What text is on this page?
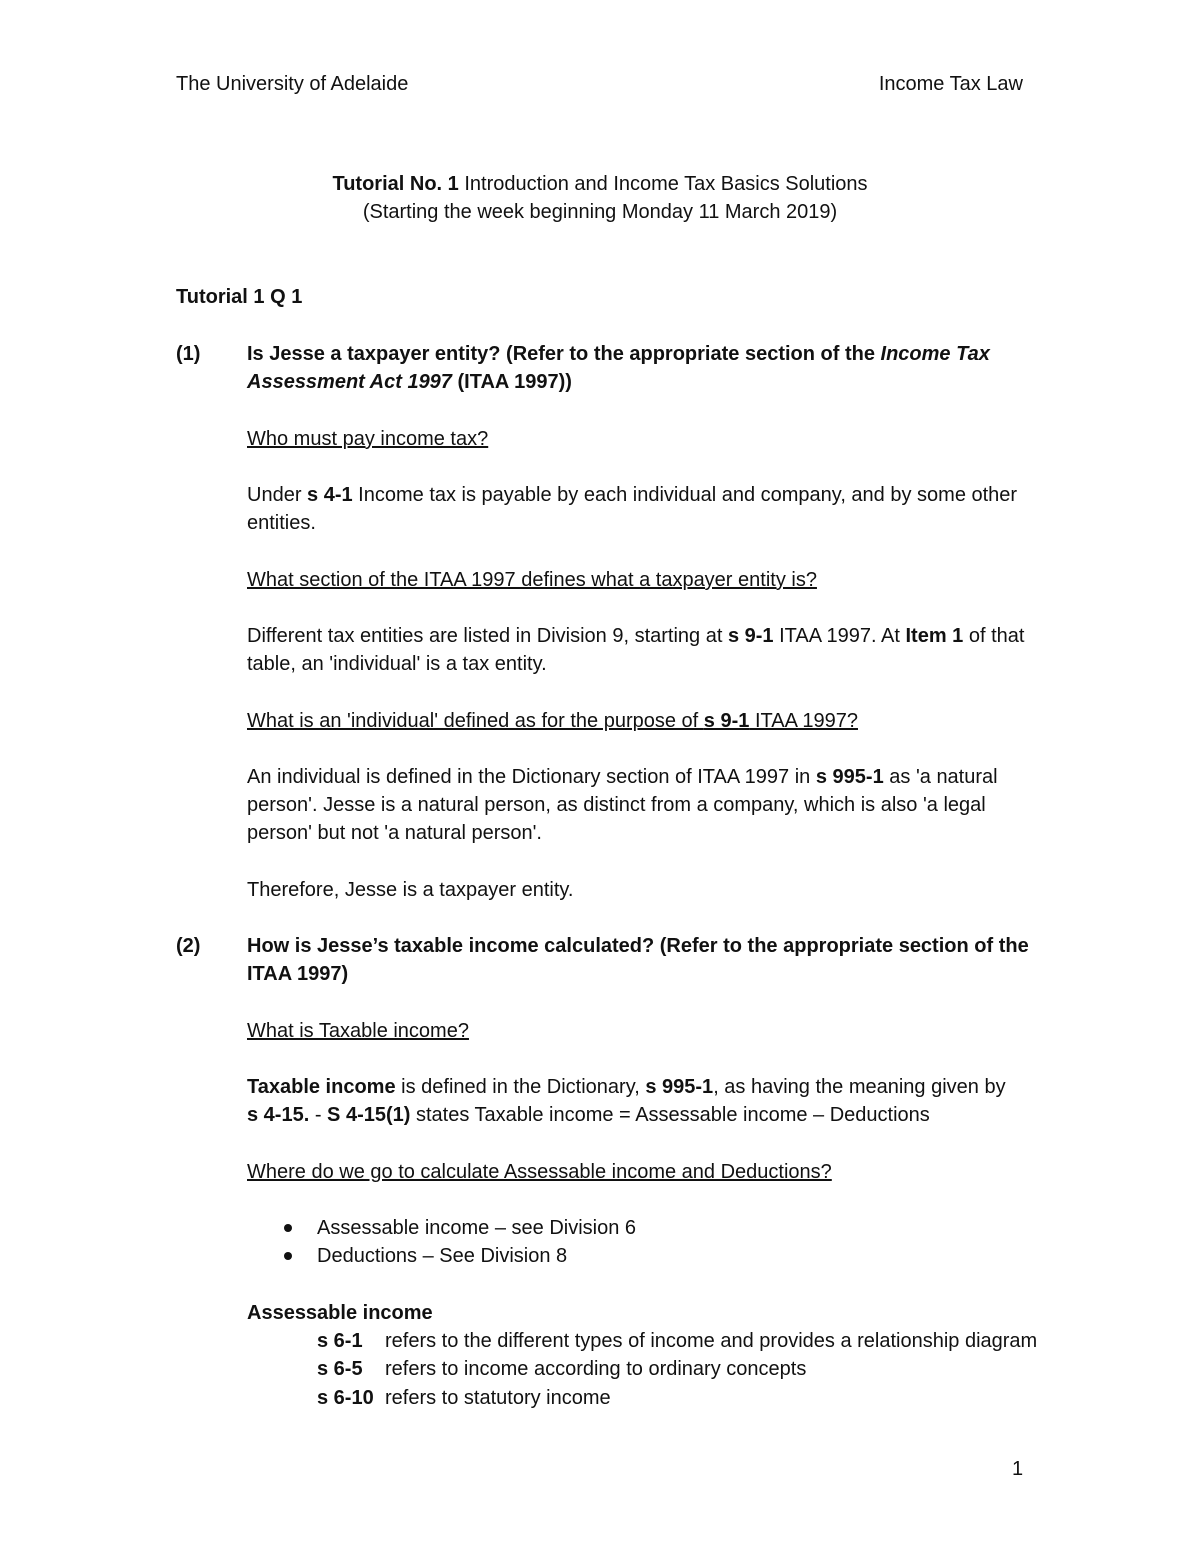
The University of Adelaide	Income Tax Law
Tutorial No. 1 Introduction and Income Tax Basics Solutions
(Starting the week beginning Monday 11 March 2019)
Tutorial 1 Q 1
(1) Is Jesse a taxpayer entity? (Refer to the appropriate section of the Income Tax
Assessment Act 1997 (ITAA 1997))
Who must pay income tax?
Under s 4-1 Income tax is payable by each individual and company, and by some other
entities.
What section of the ITAA 1997 defines what a taxpayer entity is?
Different tax entities are listed in Division 9, starting at s 9-1 ITAA 1997. At Item 1 of that
table, an 'individual' is a tax entity.
What is an 'individual' defined as for the purpose of s 9-1 ITAA 1997?
An individual is defined in the Dictionary section of ITAA 1997 in s 995-1 as 'a natural
person'. Jesse is a natural person, as distinct from a company, which is also 'a legal
person' but not 'a natural person'.
Therefore, Jesse is a taxpayer entity.
(2) How is Jesse’s taxable income calculated? (Refer to the appropriate section of the
ITAA 1997)
What is Taxable income?
Taxable income is defined in the Dictionary, s 995-1, as having the meaning given by
s 4-15. - S 4-15(1) states Taxable income = Assessable income – Deductions
Where do we go to calculate Assessable income and Deductions?
Assessable income – see Division 6
Deductions – See Division 8
Assessable income
s 6-1 refers to the different types of income and provides a relationship diagram
s 6-5 refers to income according to ordinary concepts
s 6-10 refers to statutory income
1
